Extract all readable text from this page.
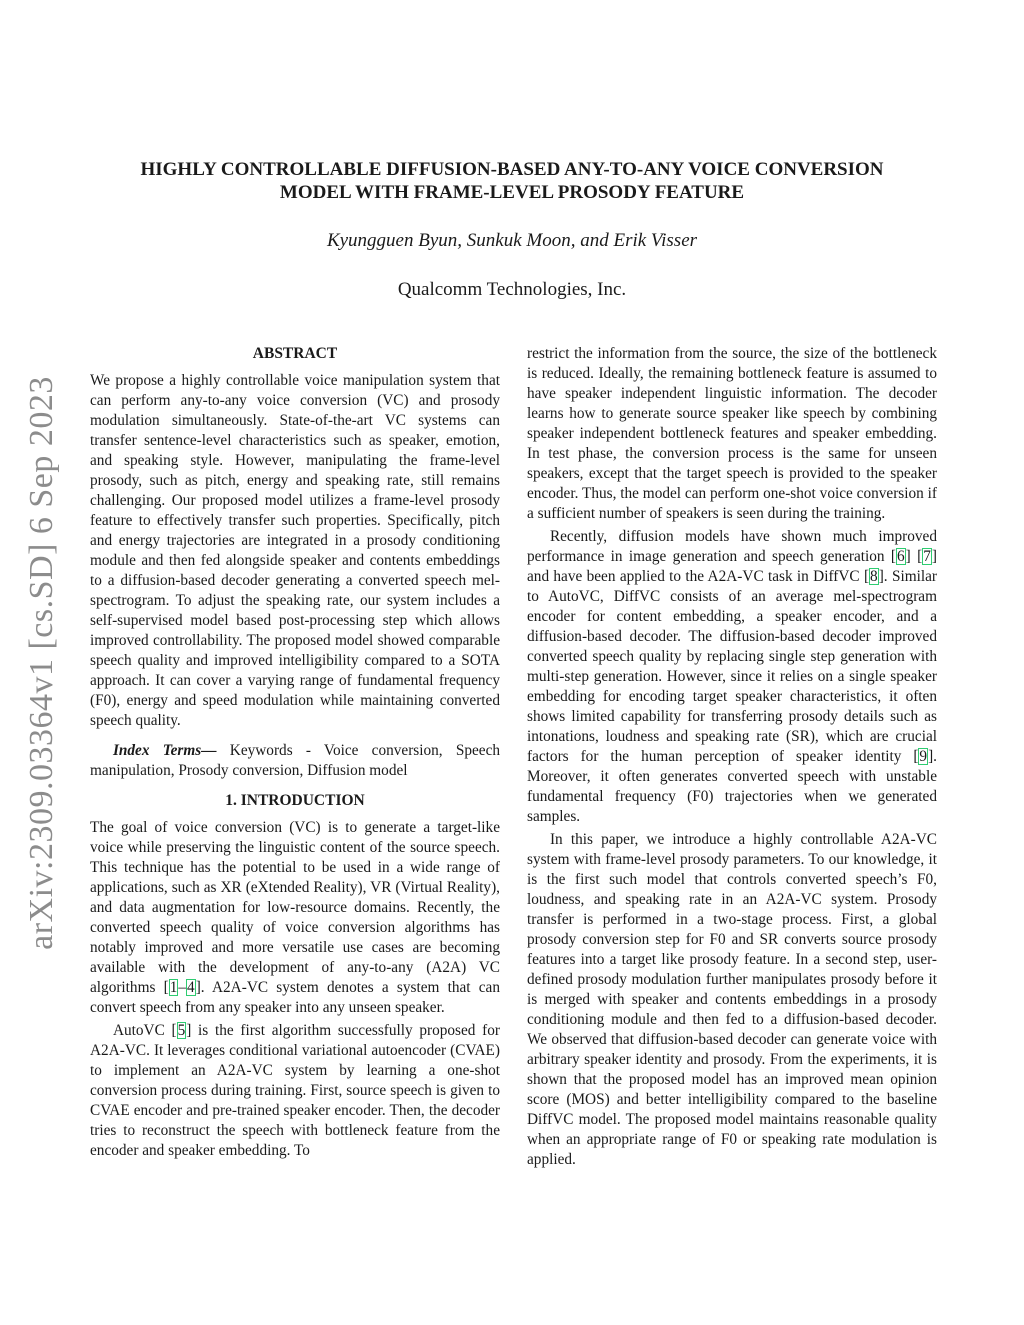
arXiv:2309.03364v1 [cs.SD] 6 Sep 2023
HIGHLY CONTROLLABLE DIFFUSION-BASED ANY-TO-ANY VOICE CONVERSION
MODEL WITH FRAME-LEVEL PROSODY FEATURE

Kyungguen Byun, Sunkuk Moon, and Erik Visser

Qualcomm Technologies, Inc.

ABSTRACT

We propose a highly controllable voice manipulation system that can perform any-to-any voice conversion (VC) and prosody modulation simultaneously. State-of-the-art VC systems can transfer sentence-level characteristics such as speaker, emotion, and speaking style. However, manipulating the frame-level prosody, such as pitch, energy and speaking rate, still remains challenging. Our proposed model utilizes a frame-level prosody feature to effectively transfer such properties. Specifically, pitch and energy trajectories are integrated in a prosody conditioning module and then fed alongside speaker and contents embeddings to a diffusion-based decoder generating a converted speech mel-spectrogram. To adjust the speaking rate, our system includes a self-supervised model based post-processing step which allows improved controllability. The proposed model showed comparable speech quality and improved intelligibility compared to a SOTA approach. It can cover a varying range of fundamental frequency (F0), energy and speed modulation while maintaining converted speech quality.

Index Terms— Keywords - Voice conversion, Speech manipulation, Prosody conversion, Diffusion model

1. INTRODUCTION

The goal of voice conversion (VC) is to generate a target-like voice while preserving the linguistic content of the source speech. This technique has the potential to be used in a wide range of applications, such as XR (eXtended Reality), VR (Virtual Reality), and data augmentation for low-resource domains. Recently, the converted speech quality of voice conversion algorithms has notably improved and more versatile use cases are becoming available with the development of any-to-any (A2A) VC algorithms [1–4]. A2A-VC system denotes a system that can convert speech from any speaker into any unseen speaker.

AutoVC [5] is the first algorithm successfully proposed for A2A-VC. It leverages conditional variational autoencoder (CVAE) to implement an A2A-VC system by learning a one-shot conversion process during training. First, source speech is given to CVAE encoder and pre-trained speaker encoder. Then, the decoder tries to reconstruct the speech with bottleneck feature from the encoder and speaker embedding. To

restrict the information from the source, the size of the bottleneck is reduced. Ideally, the remaining bottleneck feature is assumed to have speaker independent linguistic information. The decoder learns how to generate source speaker like speech by combining speaker independent bottleneck features and speaker embedding. In test phase, the conversion process is the same for unseen speakers, except that the target speech is provided to the speaker encoder. Thus, the model can perform one-shot voice conversion if a sufficient number of speakers is seen during the training.

Recently, diffusion models have shown much improved performance in image generation and speech generation [6] [7] and have been applied to the A2A-VC task in DiffVC [8]. Similar to AutoVC, DiffVC consists of an average mel-spectrogram encoder for content embedding, a speaker encoder, and a diffusion-based decoder. The diffusion-based decoder improved converted speech quality by replacing single step generation with multi-step generation. However, since it relies on a single speaker embedding for encoding target speaker characteristics, it often shows limited capability for transferring prosody details such as intonations, loudness and speaking rate (SR), which are crucial factors for the human perception of speaker identity [9]. Moreover, it often generates converted speech with unstable fundamental frequency (F0) trajectories when we generated samples.

In this paper, we introduce a highly controllable A2A-VC system with frame-level prosody parameters. To our knowledge, it is the first such model that controls converted speech’s F0, loudness, and speaking rate in an A2A-VC system. Prosody transfer is performed in a two-stage process. First, a global prosody conversion step for F0 and SR converts source prosody features into a target like prosody feature. In a second step, user-defined prosody modulation further manipulates prosody before it is merged with speaker and contents embeddings in a prosody conditioning module and then fed to a diffusion-based decoder. We observed that diffusion-based decoder can generate voice with arbitrary speaker identity and prosody. From the experiments, it is shown that the proposed model has an improved mean opinion score (MOS) and better intelligibility compared to the baseline DiffVC model. The proposed model maintains reasonable quality when an appropriate range of F0 or speaking rate modulation is applied.
